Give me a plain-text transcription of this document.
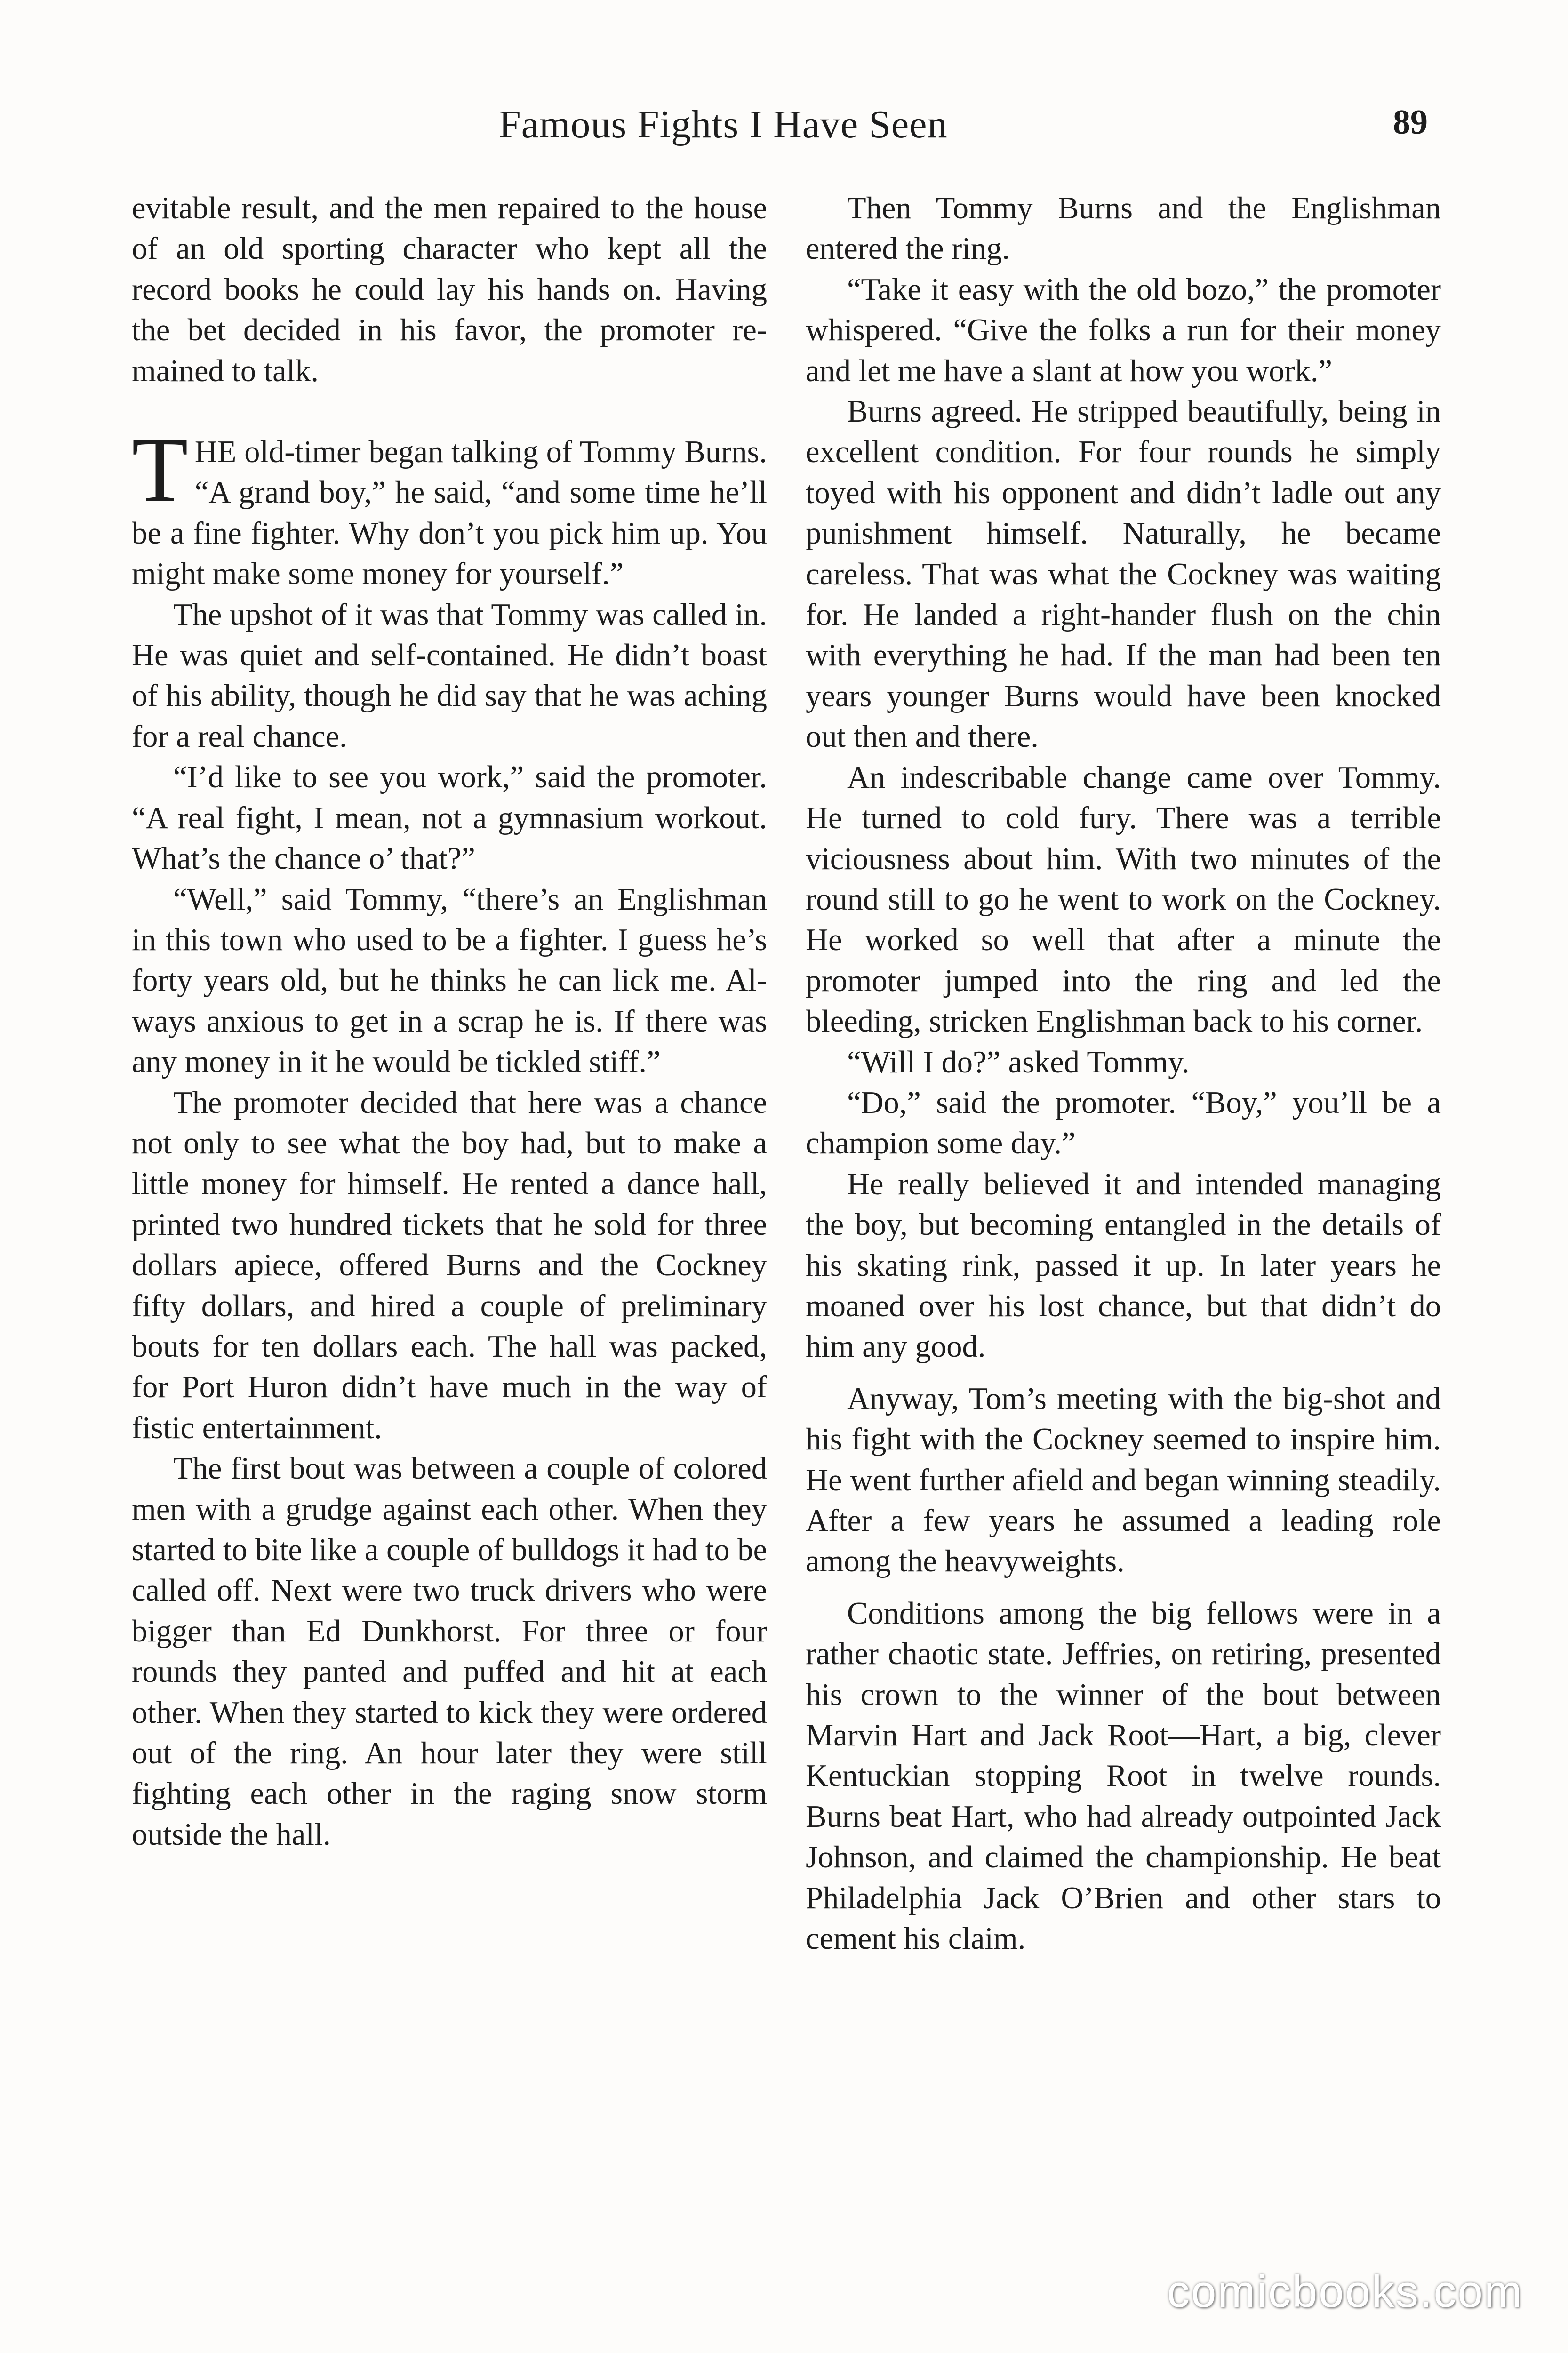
Famous Fights I Have Seen	89

evitable result, and the men repaired to the house of an old sporting character who kept all the record books he could lay his hands on. Having the bet decided in his favor, the promoter remained to talk.

THE old-timer began talking of Tommy Burns. “A grand boy,” he said, “and some time he’ll be a fine fighter. Why don’t you pick him up. You might make some money for yourself.”

The upshot of it was that Tommy was called in. He was quiet and self-contained. He didn’t boast of his ability, though he did say that he was aching for a real chance.

“I’d like to see you work,” said the promoter. “A real fight, I mean, not a gymnasium workout. What’s the chance o’ that?”

“Well,” said Tommy, “there’s an Englishman in this town who used to be a fighter. I guess he’s forty years old, but he thinks he can lick me. Always anxious to get in a scrap he is. If there was any money in it he would be tickled stiff.”

The promoter decided that here was a chance not only to see what the boy had, but to make a little money for himself. He rented a dance hall, printed two hundred tickets that he sold for three dollars apiece, offered Burns and the Cockney fifty dollars, and hired a couple of preliminary bouts for ten dollars each. The hall was packed, for Port Huron didn’t have much in the way of fistic entertainment.

The first bout was between a couple of colored men with a grudge against each other. When they started to bite like a couple of bulldogs it had to be called off. Next were two truck drivers who were bigger than Ed Dunkhorst. For three or four rounds they panted and puffed and hit at each other. When they started to kick they were ordered out of the ring. An hour later they were still fighting each other in the raging snow storm outside the hall.

Then Tommy Burns and the Englishman entered the ring.

“Take it easy with the old bozo,” the promoter whispered. “Give the folks a run for their money and let me have a slant at how you work.”

Burns agreed. He stripped beautifully, being in excellent condition. For four rounds he simply toyed with his opponent and didn’t ladle out any punishment himself. Naturally, he became careless. That was what the Cockney was waiting for. He landed a right-hander flush on the chin with everything he had. If the man had been ten years younger Burns would have been knocked out then and there.

An indescribable change came over Tommy. He turned to cold fury. There was a terrible viciousness about him. With two minutes of the round still to go he went to work on the Cockney. He worked so well that after a minute the promoter jumped into the ring and led the bleeding, stricken Englishman back to his corner.

“Will I do?” asked Tommy.

“Do,” said the promoter. “Boy,” you’ll be a champion some day.”

He really believed it and intended managing the boy, but becoming entangled in the details of his skating rink, passed it up. In later years he moaned over his lost chance, but that didn’t do him any good.

Anyway, Tom’s meeting with the big-shot and his fight with the Cockney seemed to inspire him. He went further afield and began winning steadily. After a few years he assumed a leading role among the heavyweights.

Conditions among the big fellows were in a rather chaotic state. Jeffries, on retiring, presented his crown to the winner of the bout between Marvin Hart and Jack Root—Hart, a big, clever Kentuckian stopping Root in twelve rounds. Burns beat Hart, who had already outpointed Jack Johnson, and claimed the championship. He beat Philadelphia Jack O’Brien and other stars to cement his claim.

comicbooks.com
